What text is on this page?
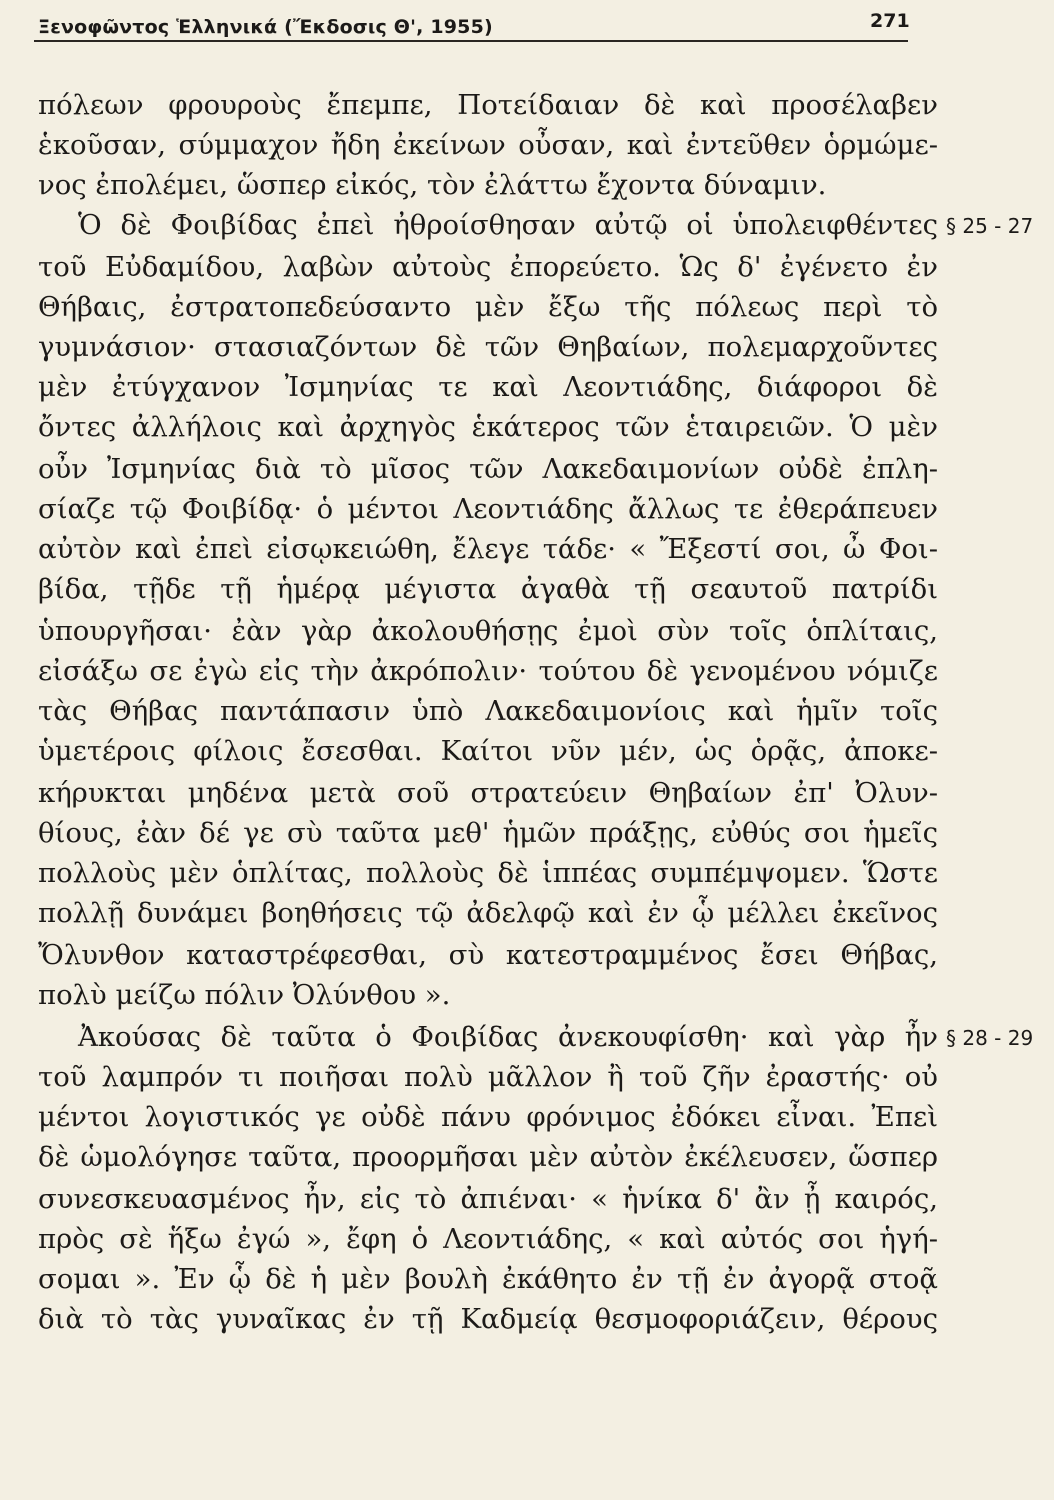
Ξενοφῶντος Ἑλληνικά (Ἔκδοσις Θ', 1955)	271
πόλεων φρουροὺς ἔπεμπε, Ποτείδαιαν δὲ καὶ προσέλαβεν
ἑκοῦσαν, σύμμαχον ἤδη ἐκείνων οὖσαν, καὶ ἐντεῦθεν ὁρμώμε-
νος ἐπολέμει, ὥσπερ εἰκός, τὸν ἐλάττω ἔχοντα δύναμιν.
Ὁ δὲ Φοιβίδας ἐπεὶ ἠθροίσθησαν αὐτῷ οἱ ὑπολειφθέντες
τοῦ Εὐδαμίδου, λαβὼν αὐτοὺς ἐπορεύετο. Ὡς δ' ἐγένετο ἐν
Θήβαις, ἐστρατοπεδεύσαντο μὲν ἔξω τῆς πόλεως περὶ τὸ
γυμνάσιον· στασιαζόντων δὲ τῶν Θηβαίων, πολεμαρχοῦντες
μὲν ἐτύγχανον Ἰσμηνίας τε καὶ Λεοντιάδης, διάφοροι δὲ
ὄντες ἀλλήλοις καὶ ἀρχηγὸς ἑκάτερος τῶν ἑταιρειῶν. Ὁ μὲν
οὖν Ἰσμηνίας διὰ τὸ μῖσος τῶν Λακεδαιμονίων οὐδὲ ἐπλη-
σίαζε τῷ Φοιβίδᾳ· ὁ μέντοι Λεοντιάδης ἄλλως τε ἐθεράπευεν
αὐτὸν καὶ ἐπεὶ εἰσῳκειώθη, ἔλεγε τάδε· « Ἔξεστί σοι, ὦ Φοι-
βίδα, τῇδε τῇ ἡμέρᾳ μέγιστα ἀγαθὰ τῇ σεαυτοῦ πατρίδι
ὑπουργῆσαι· ἐὰν γὰρ ἀκολουθήσῃς ἐμοὶ σὺν τοῖς ὁπλίταις,
εἰσάξω σε ἐγὼ εἰς τὴν ἀκρόπολιν· τούτου δὲ γενομένου νόμιζε
τὰς Θήβας παντάπασιν ὑπὸ Λακεδαιμονίοις καὶ ἡμῖν τοῖς
ὑμετέροις φίλοις ἔσεσθαι. Καίτοι νῦν μέν, ὡς ὁρᾷς, ἀποκε-
κήρυκται μηδένα μετὰ σοῦ στρατεύειν Θηβαίων ἐπ' Ὀλυν-
θίους, ἐὰν δέ γε σὺ ταῦτα μεθ' ἡμῶν πράξῃς, εὐθύς σοι ἡμεῖς
πολλοὺς μὲν ὁπλίτας, πολλοὺς δὲ ἱππέας συμπέμψομεν. Ὥστε
πολλῇ δυνάμει βοηθήσεις τῷ ἀδελφῷ καὶ ἐν ᾧ μέλλει ἐκεῖνος
Ὄλυνθον καταστρέφεσθαι, σὺ κατεστραμμένος ἔσει Θήβας,
πολὺ μείζω πόλιν Ὀλύνθου ».
Ἀκούσας δὲ ταῦτα ὁ Φοιβίδας ἀνεκουφίσθη· καὶ γὰρ ἦν
τοῦ λαμπρόν τι ποιῆσαι πολὺ μᾶλλον ἢ τοῦ ζῆν ἐραστής· οὐ
μέντοι λογιστικός γε οὐδὲ πάνυ φρόνιμος ἐδόκει εἶναι. Ἐπεὶ
δὲ ὡμολόγησε ταῦτα, προορμῆσαι μὲν αὐτὸν ἐκέλευσεν, ὥσπερ
συνεσκευασμένος ἦν, εἰς τὸ ἀπιέναι· « ἡνίκα δ' ἂν ᾖ καιρός,
πρὸς σὲ ἥξω ἐγώ », ἔφη ὁ Λεοντιάδης, « καὶ αὐτός σοι ἡγή-
σομαι ». Ἐν ᾧ δὲ ἡ μὲν βουλὴ ἐκάθητο ἐν τῇ ἐν ἀγορᾷ στοᾷ
διὰ τὸ τὰς γυναῖκας ἐν τῇ Καδμείᾳ θεσμοφοριάζειν, θέρους
§ 25 - 27
§ 28 - 29
